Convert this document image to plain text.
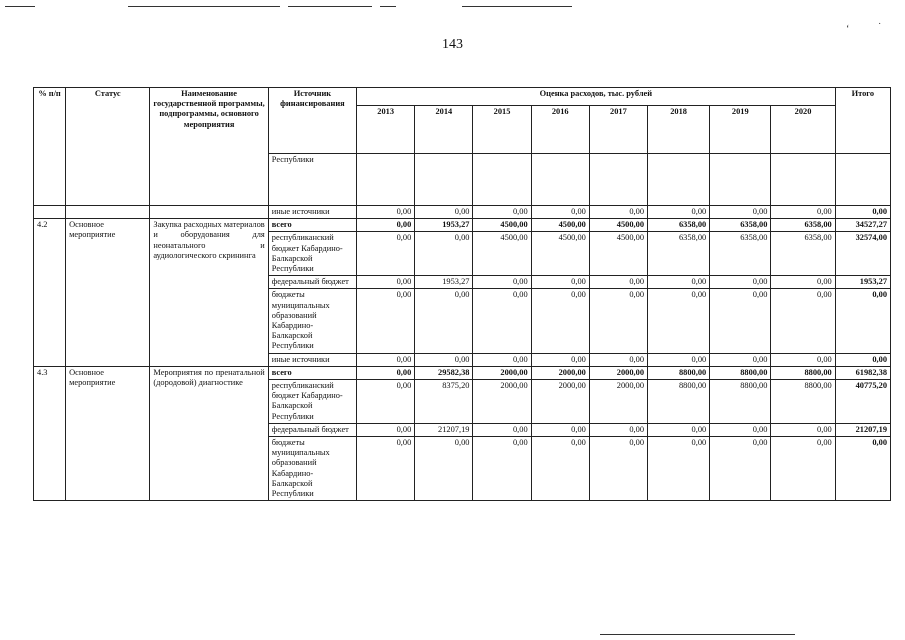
‘	˙
143
% п/п	Статус	Наименование государственной программы, подпрограммы, основного мероприятия	Источник финансирования	Оценка расходов, тыс. рублей								Итого
				2013	2014	2015	2016	2017	2018	2019	2020	
			Республики									
			иные источники	0,00	0,00	0,00	0,00	0,00	0,00	0,00	0,00	0,00
4.2	Основное мероприятие	Закупка расходных материалов и оборудования для неонатального и аудиологического скрининга	всего	0,00	1953,27	4500,00	4500,00	4500,00	6358,00	6358,00	6358,00	34527,27
			республиканский бюджет Кабардино-Балкарской Республики	0,00	0,00	4500,00	4500,00	4500,00	6358,00	6358,00	6358,00	32574,00
			федеральный бюджет	0,00	1953,27	0,00	0,00	0,00	0,00	0,00	0,00	1953,27
			бюджеты муниципальных образований Кабардино-Балкарской Республики	0,00	0,00	0,00	0,00	0,00	0,00	0,00	0,00	0,00
			иные источники	0,00	0,00	0,00	0,00	0,00	0,00	0,00	0,00	0,00
4.3	Основное мероприятие	Мероприятия по пренатальной (дородовой) диагностике	всего	0,00	29582,38	2000,00	2000,00	2000,00	8800,00	8800,00	8800,00	61982,38
			республиканский бюджет Кабардино-Балкарской Республики	0,00	8375,20	2000,00	2000,00	2000,00	8800,00	8800,00	8800,00	40775,20
			федеральный бюджет	0,00	21207,19	0,00	0,00	0,00	0,00	0,00	0,00	21207,19
			бюджеты муниципальных образований Кабардино-Балкарской Республики	0,00	0,00	0,00	0,00	0,00	0,00	0,00	0,00	0,00
